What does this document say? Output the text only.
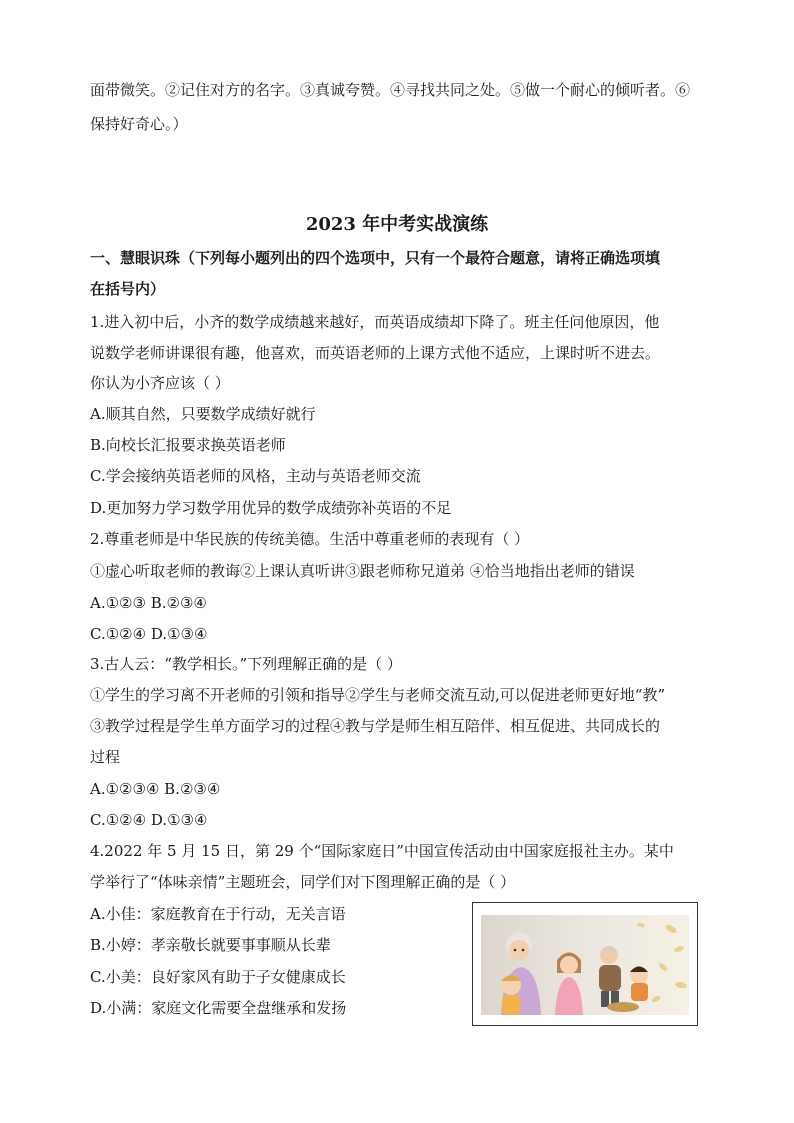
面带微笑。②记住对方的名字。③真诚夸赞。④寻找共同之处。⑤做一个耐心的倾听者。⑥
保持好奇心。）
2023 年中考实战演练
一、慧眼识珠（下列每小题列出的四个选项中，只有一个最符合题意，请将正确选项填
在括号内）
1.进入初中后，小齐的数学成绩越来越好，而英语成绩却下降了。班主任问他原因，他
说数学老师讲课很有趣，他喜欢，而英语老师的上课方式他不适应，上课时听不进去。
你认为小齐应该（ ）
A.顺其自然，只要数学成绩好就行
B.向校长汇报要求换英语老师
C.学会接纳英语老师的风格，主动与英语老师交流
D.更加努力学习数学用优异的数学成绩弥补英语的不足
2.尊重老师是中华民族的传统美德。生活中尊重老师的表现有（ ）
①虚心听取老师的教诲②上课认真听讲③跟老师称兄道弟 ④恰当地指出老师的错误
A.①②③ B.②③④
C.①②④ D.①③④
3.古人云：“教学相长。”下列理解正确的是（ ）
①学生的学习离不开老师的引领和指导②学生与老师交流互动,可以促进老师更好地“教”
③教学过程是学生单方面学习的过程④教与学是师生相互陪伴、相互促进、共同成长的
过程
A.①②③④ B.②③④
C.①②④ D.①③④
4.2022 年 5 月 15 日，第 29 个“国际家庭日”中国宣传活动由中国家庭报社主办。某中
学举行了“体味亲情”主题班会，同学们对下图理解正确的是（ ）
A.小佳：家庭教育在于行动，无关言语
B.小婷：孝亲敬长就要事事顺从长辈
C.小美：良好家风有助于子女健康成长
D.小满：家庭文化需要全盘继承和发扬
